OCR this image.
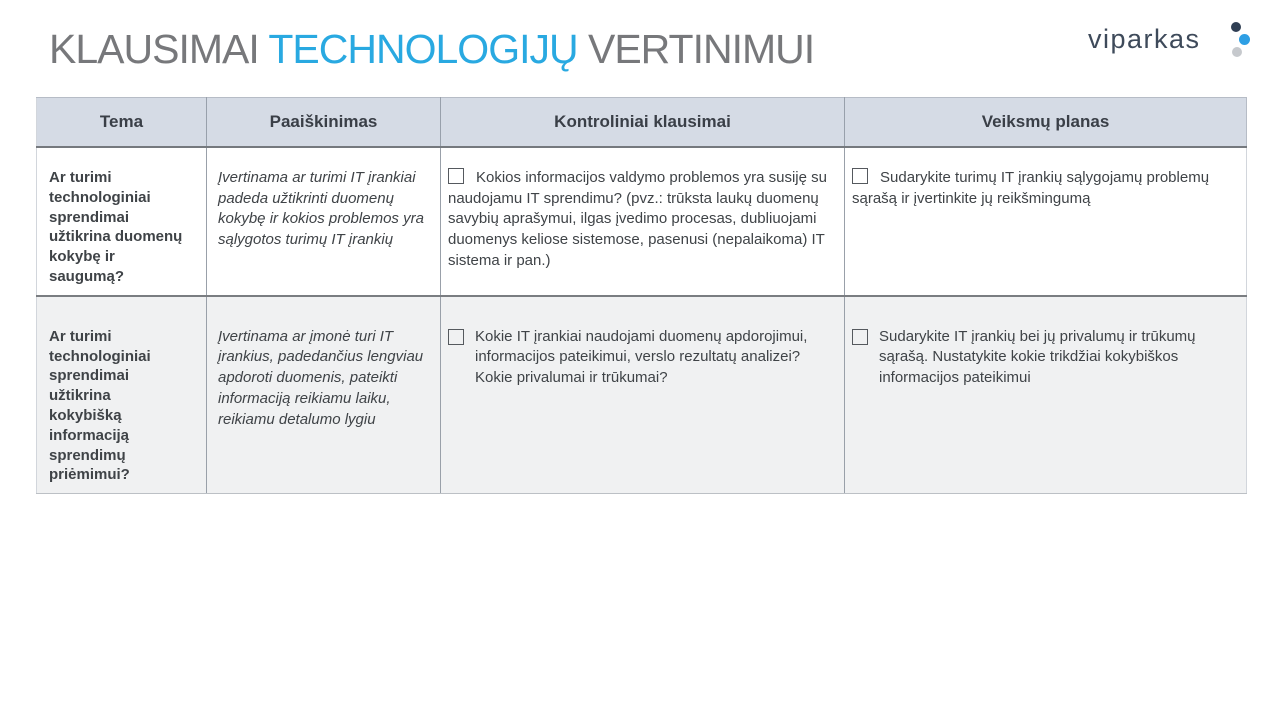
KLAUSIMAI TECHNOLOGIJŲ VERTINIMUI	viparkas
Tema	Paaiškinimas	Kontroliniai klausimai	Veiksmų planas
Ar turimi technologiniai sprendimai užtikrina duomenų kokybę ir saugumą?	Įvertinama ar turimi IT įrankiai padeda užtikrinti duomenų kokybę ir kokios problemos yra sąlygotos turimų IT įrankių	Kokios informacijos valdymo problemos yra susiję su naudojamu IT sprendimu? (pvz.: trūksta laukų duomenų savybių aprašymui, ilgas įvedimo procesas, dubliuojami duomenys keliose sistemose, pasenusi (nepalaikoma) IT sistema ir pan.)	Sudarykite turimų IT įrankių sąlygojamų problemų sąrašą ir įvertinkite jų reikšmingumą

Ar turimi technologiniai sprendimai užtikrina kokybišką informaciją sprendimų priėmimui?	Įvertinama ar įmonė turi IT įrankius, padedančius lengviau apdoroti duomenis, pateikti informaciją reikiamu laiku, reikiamu detalumo lygiu	Kokie IT įrankiai naudojami duomenų apdorojimui, informacijos pateikimui, verslo rezultatų analizei? Kokie privalumai ir trūkumai?	Sudarykite IT įrankių bei jų privalumų ir trūkumų sąrašą. Nustatykite kokie trikdžiai kokybiškos informacijos pateikimui
